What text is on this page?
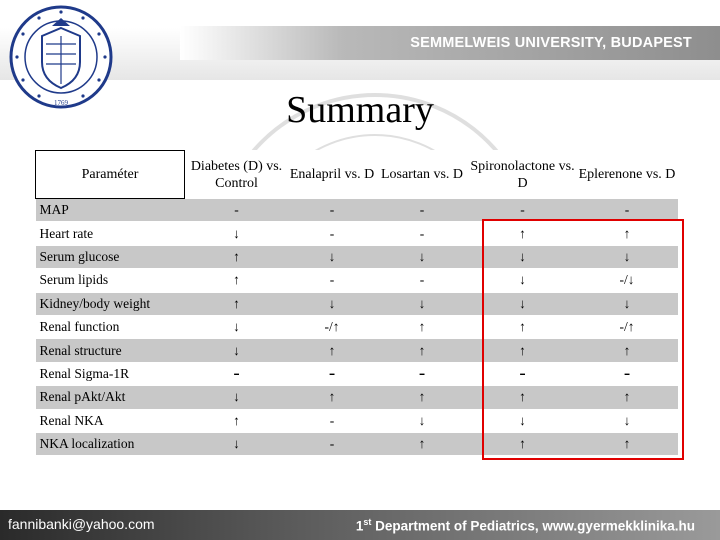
SEMMELWEIS UNIVERSITY, BUDAPEST
1769	Summary
Paraméter	Diabetes (D) vs. Control	Enalapril vs. D	Losartan vs. D	Spironolactone vs. D	Eplerenone vs. D
MAP	-	-	-	-	-
Heart rate	↓	-	-	↑	↑
Serum glucose	↑	↓	↓	↓	↓
Serum lipids	↑	-	-	↓	-/↓
Kidney/body weight	↑	↓	↓	↓	↓
Renal function	↓	-/↑	↑	↑	-/↑
Renal structure	↓	↑	↑	↑	↑
Renal Sigma-1R	-	-	-	-	-
Renal pAkt/Akt	↓	↑	↑	↑	↑
Renal NKA	↑	-	↓	↓	↓
NKA localization	↓	-	↑	↑	↑
fannibanki@yahoo.com	1st Department of Pediatrics, www.gyermekklinika.hu
